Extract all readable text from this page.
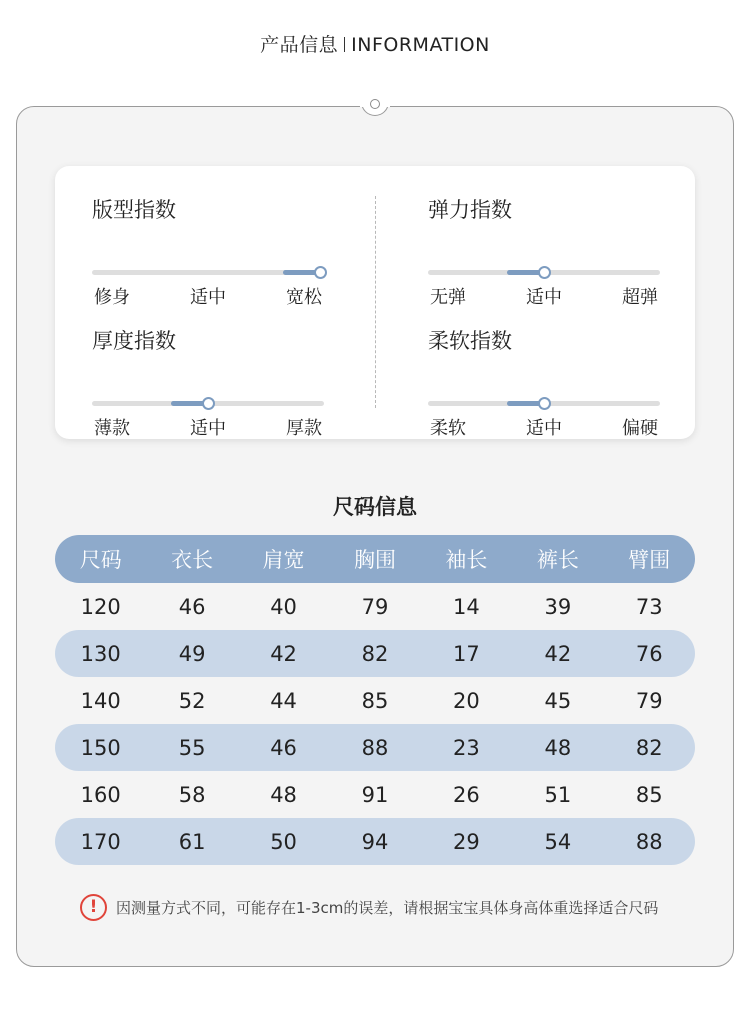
产品信息 INFORMATION
版型指数
修身	适中	宽松
弹力指数
无弹	适中	超弹
厚度指数
薄款	适中	厚款
柔软指数
柔软	适中	偏硬
尺码信息
尺码	衣长	肩宽	胸围	袖长	裤长	臂围
120	46	40	79	14	39	73
130	49	42	82	17	42	76
140	52	44	85	20	45	79
150	55	46	88	23	48	82
160	58	48	91	26	51	85
170	61	50	94	29	54	88
!	因测量方式不同，可能存在1-3cm的误差，请根据宝宝具体身高体重选择适合尺码
